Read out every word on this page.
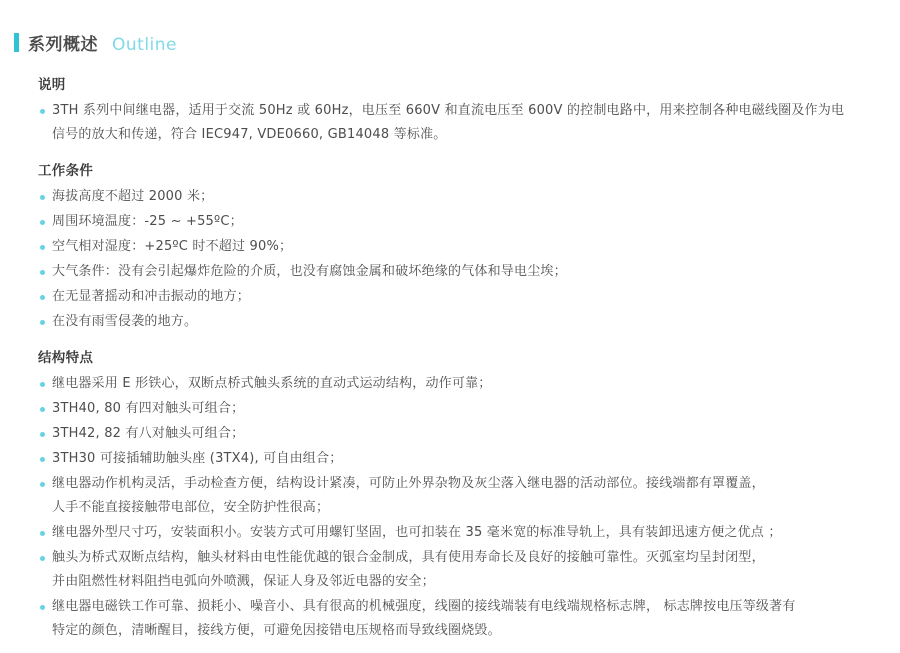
系列概述 Outline
说明
3TH 系列中间继电器，适用于交流 50Hz 或 60Hz，电压至 660V 和直流电压至 600V 的控制电路中，用来控制各种电磁线圈及作为电
信号的放大和传递，符合 IEC947, VDE0660, GB14048 等标准。
工作条件
海拔高度不超过 2000 米；
周围环境温度：-25 ~ +55ºC；
空气相对湿度：+25ºC 时不超过 90%；
大气条件：没有会引起爆炸危险的介质，也没有腐蚀金属和破坏绝缘的气体和导电尘埃；
在无显著摇动和冲击振动的地方；
在没有雨雪侵袭的地方。
结构特点
继电器采用 E 形铁心，双断点桥式触头系统的直动式运动结构，动作可靠；
3TH40, 80 有四对触头可组合；
3TH42, 82 有八对触头可组合；
3TH30 可接插辅助触头座 (3TX4), 可自由组合；
继电器动作机构灵活，手动检查方便，结构设计紧凑，可防止外界杂物及灰尘落入继电器的活动部位。接线端都有罩覆盖，
人手不能直接接触带电部位，安全防护性很高；
继电器外型尺寸巧，安装面积小。安装方式可用螺钉坚固，也可扣装在 35 毫米宽的标准导轨上，具有装卸迅速方便之优点 ；
触头为桥式双断点结构，触头材料由电性能优越的银合金制成，具有使用寿命长及良好的接触可靠性。灭弧室均呈封闭型，
并由阻燃性材料阻挡电弧向外喷溅，保证人身及邻近电器的安全；
继电器电磁铁工作可靠、损耗小、噪音小、具有很高的机械强度，线圈的接线端装有电线端规格标志牌， 标志牌按电压等级著有
特定的颜色，清晰醒目，接线方便，可避免因接错电压规格而导致线圈烧毁。
